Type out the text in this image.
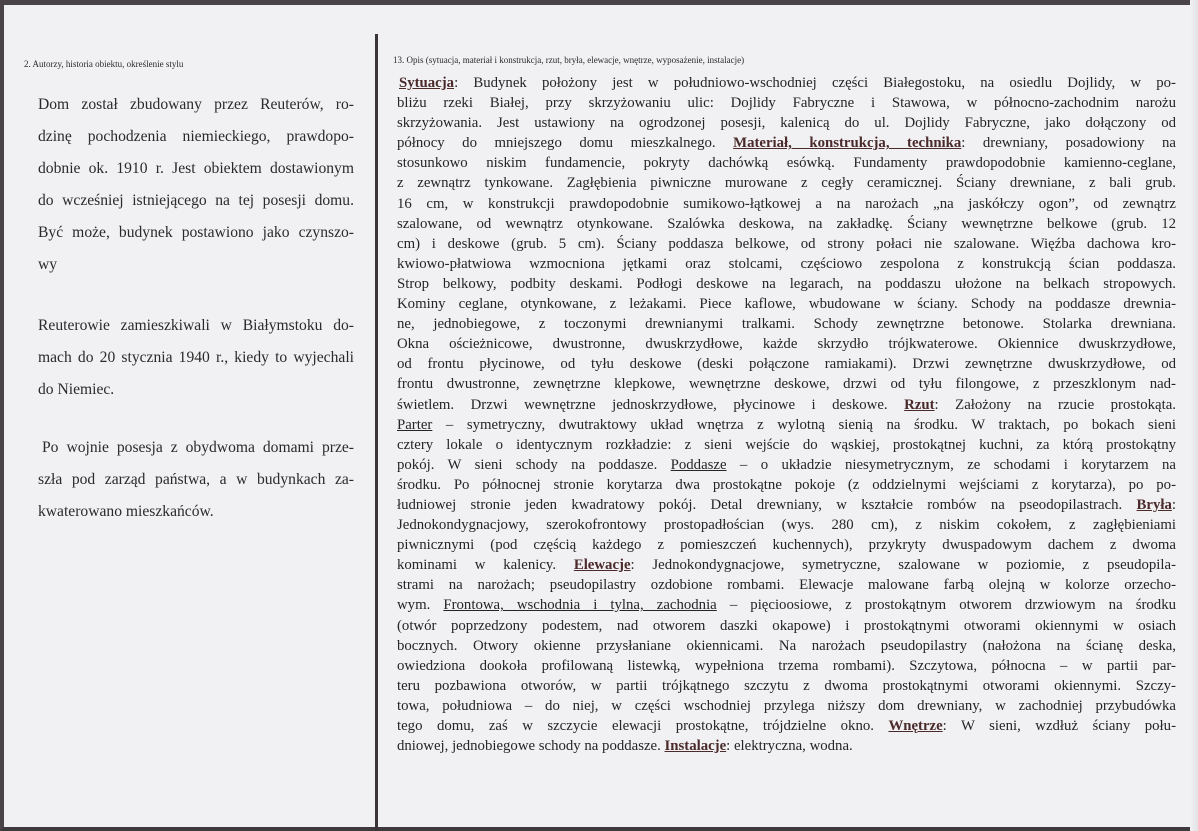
2. Autorzy, historia obiektu, określenie stylu
Dom został zbudowany przez Reuterów, ro-
dzinę pochodzenia niemieckiego, prawdopo-
dobnie ok. 1910 r. Jest obiektem dostawionym
do wcześniej istniejącego na tej posesji domu.
Być może, budynek postawiono jako czynszo-
wy
Reuterowie zamieszkiwali w Białymstoku do-
mach do 20 stycznia 1940 r., kiedy to wyjechali
do Niemiec.
Po wojnie posesja z obydwoma domami prze-
szła pod zarząd państwa, a w budynkach za-
kwaterowano mieszkańców.
13. Opis (sytuacja, materiał i konstrukcja, rzut, bryła, elewacje, wnętrze, wyposażenie, instalacje)
Sytuacja: Budynek położony jest w południowo-wschodniej części Białegostoku, na osiedlu Dojlidy, w po-
bliżu rzeki Białej, przy skrzyżowaniu ulic: Dojlidy Fabryczne i Stawowa, w północno-zachodnim narożu
skrzyżowania. Jest ustawiony na ogrodzonej posesji, kalenicą do ul. Dojlidy Fabryczne, jako dołączony od
północy do mniejszego domu mieszkalnego. Materiał, konstrukcja, technika: drewniany, posadowiony na
stosunkowo niskim fundamencie, pokryty dachówką esówką. Fundamenty prawdopodobnie kamienno-ceglane,
z zewnątrz tynkowane. Zagłębienia piwniczne murowane z cegły ceramicznej. Ściany drewniane, z bali grub.
16 cm, w konstrukcji prawdopodobnie sumikowo-łątkowej a na narożach „na jaskółczy ogon”, od zewnątrz
szalowane, od wewnątrz otynkowane. Szalówka deskowa, na zakładkę. Ściany wewnętrzne belkowe (grub. 12
cm) i deskowe (grub. 5 cm). Ściany poddasza belkowe, od strony połaci nie szalowane. Więźba dachowa kro-
kwiowo-płatwiowa wzmocniona jętkami oraz stolcami, częściowo zespolona z konstrukcją ścian poddasza.
Strop belkowy, podbity deskami. Podłogi deskowe na legarach, na poddaszu ułożone na belkach stropowych.
Kominy ceglane, otynkowane, z leżakami. Piece kaflowe, wbudowane w ściany. Schody na poddasze drewnia-
ne, jednobiegowe, z toczonymi drewnianymi tralkami. Schody zewnętrzne betonowe. Stolarka drewniana.
Okna ościeżnicowe, dwustronne, dwuskrzydłowe, każde skrzydło trójkwaterowe. Okiennice dwuskrzydłowe,
od frontu płycinowe, od tyłu deskowe (deski połączone ramiakami). Drzwi zewnętrzne dwuskrzydłowe, od
frontu dwustronne, zewnętrzne klepkowe, wewnętrzne deskowe, drzwi od tyłu filongowe, z przeszklonym nad-
świetlem. Drzwi wewnętrzne jednoskrzydłowe, płycinowe i deskowe. Rzut: Założony na rzucie prostokąta.
Parter – symetryczny, dwutraktowy układ wnętrza z wylotną sienią na środku. W traktach, po bokach sieni
cztery lokale o identycznym rozkładzie: z sieni wejście do wąskiej, prostokątnej kuchni, za którą prostokątny
pokój. W sieni schody na poddasze. Poddasze – o układzie niesymetrycznym, ze schodami i korytarzem na
środku. Po północnej stronie korytarza dwa prostokątne pokoje (z oddzielnymi wejściami z korytarza), po po-
łudniowej stronie jeden kwadratowy pokój. Detal drewniany, w kształcie rombów na pseodopilastrach. Bryła:
Jednokondygnacjowy, szerokofrontowy prostopadłościan (wys. 280 cm), z niskim cokołem, z zagłębieniami
piwnicznymi (pod częścią każdego z pomieszczeń kuchennych), przykryty dwuspadowym dachem z dwoma
kominami w kalenicy. Elewacje: Jednokondygnacjowe, symetryczne, szalowane w poziomie, z pseudopila-
strami na narożach; pseudopilastry ozdobione rombami. Elewacje malowane farbą olejną w kolorze orzecho-
wym. Frontowa, wschodnia i tylna, zachodnia – pięcioosiowe, z prostokątnym otworem drzwiowym na środku
(otwór poprzedzony podestem, nad otworem daszki okapowe) i prostokątnymi otworami okiennymi w osiach
bocznych. Otwory okienne przysłaniane okiennicami. Na narożach pseudopilastry (nałożona na ścianę deska,
owiedziona dookoła profilowaną listewką, wypełniona trzema rombami). Szczytowa, północna – w partii par-
teru pozbawiona otworów, w partii trójkątnego szczytu z dwoma prostokątnymi otworami okiennymi. Szczy-
towa, południowa – do niej, w części wschodniej przylega niższy dom drewniany, w zachodniej przybudówka
tego domu, zaś w szczycie elewacji prostokątne, trójdzielne okno. Wnętrze: W sieni, wzdłuż ściany połu-
dniowej, jednobiegowe schody na poddasze. Instalacje: elektryczna, wodna.
